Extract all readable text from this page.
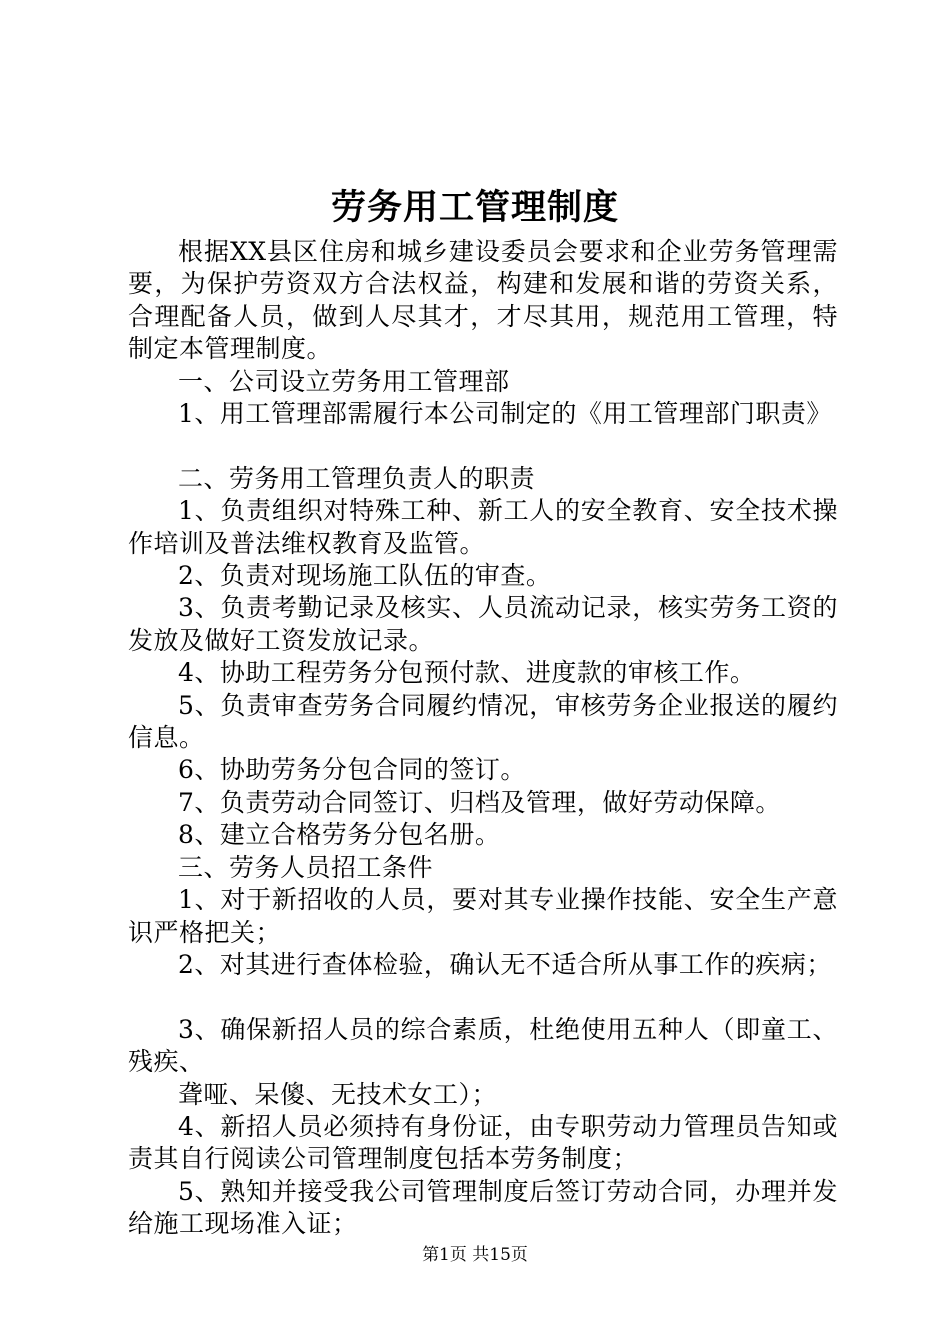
劳务用工管理制度

根据XX县区住房和城乡建设委员会要求和企业劳务管理需要，为保护劳资双方合法权益，构建和发展和谐的劳资关系，合理配备人员，做到人尽其才，才尽其用，规范用工管理，特制定本管理制度。

一、公司设立劳务用工管理部

1、用工管理部需履行本公司制定的《用工管理部门职责》

二、劳务用工管理负责人的职责

1、负责组织对特殊工种、新工人的安全教育、安全技术操作培训及普法维权教育及监管。

2、负责对现场施工队伍的审查。

3、负责考勤记录及核实、人员流动记录，核实劳务工资的发放及做好工资发放记录。

4、协助工程劳务分包预付款、进度款的审核工作。

5、负责审查劳务合同履约情况，审核劳务企业报送的履约信息。

6、协助劳务分包合同的签订。

7、负责劳动合同签订、归档及管理，做好劳动保障。

8、建立合格劳务分包名册。

三、劳务人员招工条件

1、对于新招收的人员，要对其专业操作技能、安全生产意识严格把关；

2、对其进行查体检验，确认无不适合所从事工作的疾病；

3、确保新招人员的综合素质，杜绝使用五种人（即童工、残疾、

聋哑、呆傻、无技术女工）；

4、新招人员必须持有身份证，由专职劳动力管理员告知或责其自行阅读公司管理制度包括本劳务制度；

5、熟知并接受我公司管理制度后签订劳动合同，办理并发给施工现场准入证；

第1页 共15页
